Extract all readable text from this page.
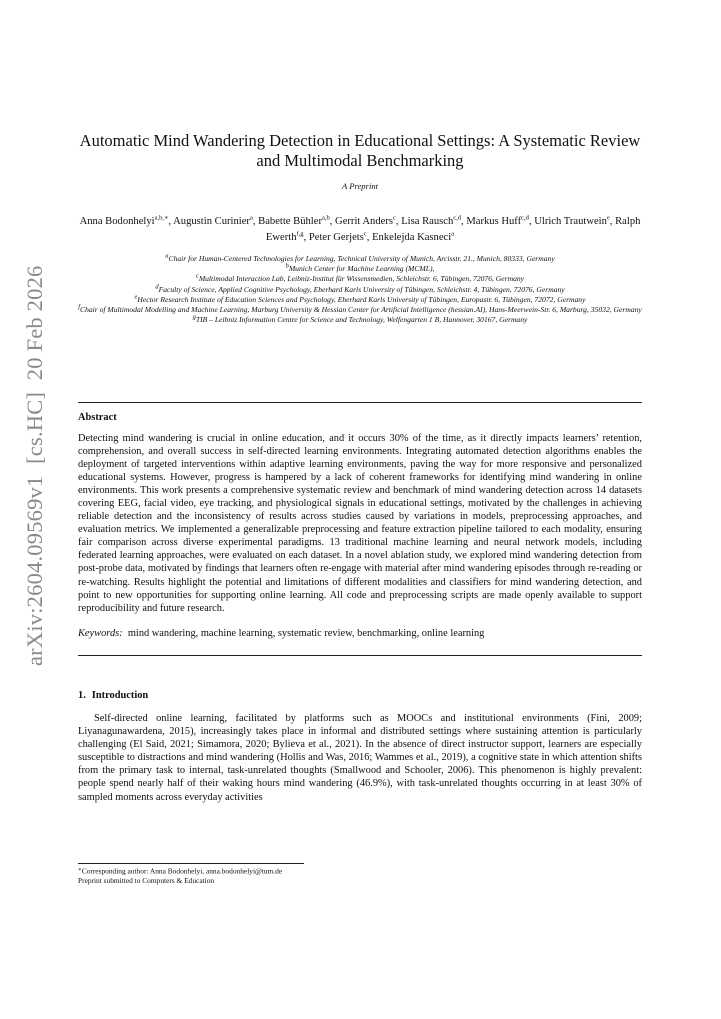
arXiv:2604.09569v1  [cs.HC]  20 Feb 2026
Automatic Mind Wandering Detection in Educational Settings: A Systematic Review and Multimodal Benchmarking
A Preprint
Anna Bodonhelyi$^{a,b,∗}$, Augustin Curinier$^a$, Babette Bühler$^{a,b}$, Gerrit Anders$^c$, Lisa Rausch$^{c,d}$, Markus Huff$^{c,d}$, Ulrich Trautwein$^e$, Ralph Ewerth$^{f,g}$, Peter Gerjets$^c$, Enkelejda Kasneci$^a$
$^a$Chair for Human-Centered Technologies for Learning, Technical University of Munich, Arcisstr. 21., Munich, 80333, Germany
$^b$Munich Center for Machine Learning (MCML),
$^c$Multimodal Interaction Lab, Leibniz-Institut für Wissensmedien, Schleichstr. 6, Tübingen, 72076, Germany
$^d$Faculty of Science, Applied Cognitive Psychology, Eberhard Karls University of Tübingen, Schleichstr. 4, Tübingen, 72076, Germany
$^e$Hector Research Institute of Education Sciences and Psychology, Eberhard Karls University of Tübingen, Europastr. 6, Tübingen, 72072, Germany
$^f$Chair of Multimodal Modelling and Machine Learning, Marburg University & Hessian Center for Artificial Intelligence (hessian.AI), Hans-Meerwein-Str. 6, Marburg, 35032, Germany
$^g$TIB – Leibniz Information Centre for Science and Technology, Welfengarten 1 B, Hannover, 30167, Germany
Abstract

Detecting mind wandering is crucial in online education, and it occurs 30% of the time, as it directly impacts learners’ retention, comprehension, and overall success in self-directed learning environments. Integrating automated detection algorithms enables the deployment of targeted interventions within adaptive learning environments, paving the way for more responsive and personalized educational systems. However, progress is hampered by a lack of coherent frameworks for identifying mind wandering in online environments. This work presents a comprehensive systematic review and benchmark of mind wandering detection across 14 datasets covering EEG, facial video, eye tracking, and physiological signals in educational settings, motivated by the challenges in achieving reliable detection and the inconsistency of results across studies caused by variations in models, preprocessing approaches, and evaluation metrics. We implemented a generalizable preprocessing and feature extraction pipeline tailored to each modality, ensuring fair comparison across diverse experimental paradigms. 13 traditional machine learning and neural network models, including federated learning approaches, were evaluated on each dataset. In a novel ablation study, we explored mind wandering detection from post-probe data, motivated by findings that learners often re-engage with material after mind wandering episodes through re-reading or re-watching. Results highlight the potential and limitations of different modalities and classifiers for mind wandering detection, and point to new opportunities for supporting online learning. All code and preprocessing scripts are made openly available to support reproducibility and future research.

Keywords: mind wandering, machine learning, systematic review, benchmarking, online learning
1. Introduction

Self-directed online learning, facilitated by platforms such as MOOCs and institutional environments (Fini, 2009; Liyanagunawardena, 2015), increasingly takes place in informal and distributed settings where sustaining attention is particularly challenging (El Said, 2021; Simamora, 2020; Bylieva et al., 2021). In the absence of direct instructor support, learners are especially susceptible to distractions and mind wandering (Hollis and Was, 2016; Wammes et al., 2019), a cognitive state in which attention shifts from the primary task to internal, task-unrelated thoughts (Smallwood and Schooler, 2006). This phenomenon is highly prevalent: people spend nearly half of their waking hours mind wandering (46.9%), with task-unrelated thoughts occurring in at least 30% of sampled moments across everyday activities

∗Corresponding author: Anna Bodonhelyi, anna.bodonhelyi@tum.de
Preprint submitted to Computers & Education
